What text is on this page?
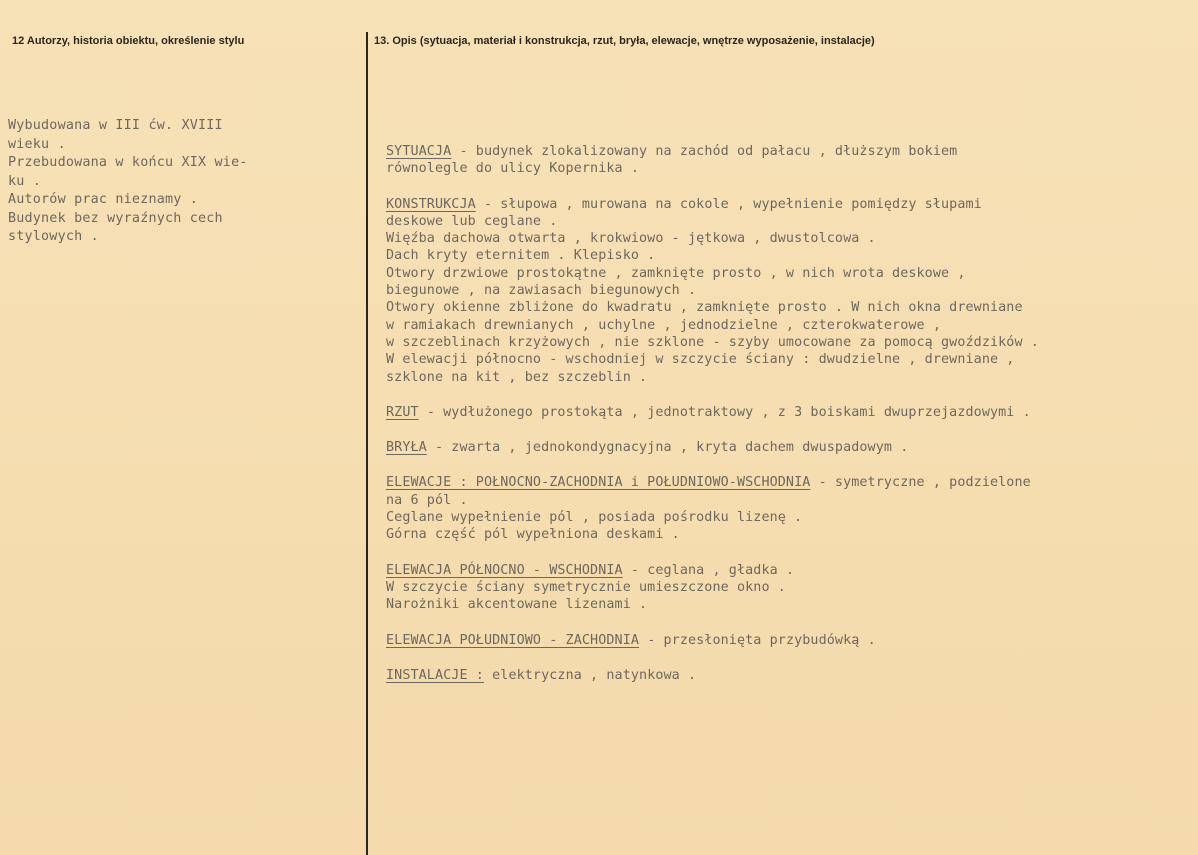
12 Autorzy, historia obiektu, określenie stylu	13. Opis (sytuacja, materiał i konstrukcja, rzut, bryła, elewacje, wnętrze wyposażenie, instalacje)
Wybudowana w III ćw. XVIII
wieku .
Przebudowana w końcu XIX wie-
ku .
Autorów prac nieznamy .
Budynek bez wyraźnych cech
stylowych .
SYTUACJA - budynek zlokalizowany na zachód od pałacu , dłuższym bokiem
równolegle do ulicy Kopernika .
KONSTRUKCJA - słupowa , murowana na cokole , wypełnienie pomiędzy słupami
deskowe lub ceglane .
Więźba dachowa otwarta , krokwiowo - jętkowa , dwustolcowa .
Dach kryty eternitem . Klepisko .
Otwory drzwiowe prostokątne , zamknięte prosto , w nich wrota deskowe ,
biegunowe , na zawiasach biegunowych .
Otwory okienne zbliżone do kwadratu , zamknięte prosto . W nich okna drewniane
w ramiakach drewnianych , uchylne , jednodzielne , czterokwaterowe ,
w szczeblinach krzyżowych , nie szklone - szyby umocowane za pomocą gwoździków .
W elewacji północno - wschodniej w szczycie ściany : dwudzielne , drewniane ,
szklone na kit , bez szczeblin .
RZUT - wydłużonego prostokąta , jednotraktowy , z 3 boiskami dwuprzejazdowymi .
BRYŁA - zwarta , jednokondygnacyjna , kryta dachem dwuspadowym .
ELEWACJE : POŁNOCNO-ZACHODNIA i POŁUDNIOWO-WSCHODNIA - symetryczne , podzielone
na 6 pól .
Ceglane wypełnienie pól , posiada pośrodku lizenę .
Górna część pól wypełniona deskami .
ELEWACJA PÓŁNOCNO - WSCHODNIA - ceglana , gładka .
W szczycie ściany symetrycznie umieszczone okno .
Narożniki akcentowane lizenami .
ELEWACJA POŁUDNIOWO - ZACHODNIA - przesłonięta przybudówką .
INSTALACJE : elektryczna , natynkowa .
